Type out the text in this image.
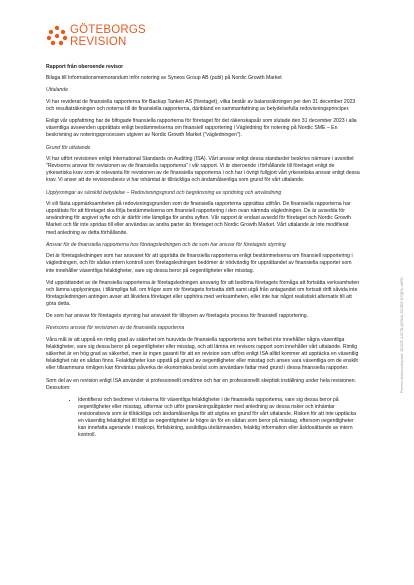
GÖTEBORGS
REVISION

Rapport från oberoende revisor

Bilaga till Informationsmemorandum inför notering av Syneos Group AB (publ) på Nordic Growth Market

Uttalande

Vi har reviderat de finansiella rapporterna för Backup Tanken AS (företaget), vilka består av balansräkningen per den 31 december 2023 och resultaträkningen och noterna till de finansiella rapporterna, däribland en sammanfattning av betydelsefulla redovisningsprinciper.

Enligt vår uppfattning har de bifogade finansiella rapporterna för företaget för det räkenskapsår som slutade den 31 december 2023 i alla väsentliga avseenden upprättats enligt bestämmelserna om finansiell rapportering i Vägledning för notering på Nordic SME – En beskrivning av noteringsprocessen utgiven av Nordic Growth Market ("vägledningen").

Grund för uttalande

Vi har utfört revisionen enligt International Standards on Auditing (ISA). Vårt ansvar enligt dessa standarder beskrivs närmare i avsnittet "Revisorns ansvar för revisionen av de finansiella rapporterna" i vår rapport. Vi är oberoende i förhållande till företaget enligt de yrkesetiska krav som är relevanta för revisionen av de finansiella rapporterna i och har i övrigt fullgjort vårt yrkesetiska ansvar enligt dessa krav. Vi anser att de revisionsbevis vi har inhämtat är tillräckliga och ändamålsenliga som grund för vårt uttalande.

Upplysningar av särskild betydelse – Redovisningsgrund och begränsning av spridning och användning

Vi vill fästa uppmärksamheten på redovisningsgrunden som de finansiella rapporterna upprättas utifrån. De finansiella rapporterna har upprättats för att företaget ska följa bestämmelserna om finansiell rapportering i den ovan nämnda vägledningen. De är avsedda för användning för angivet syfte och är därför inte lämpliga för andra syften. Vår rapport är endast avsedd för företaget och Nordic Growth Market och får inte spridas till eller användas av andra parter än företaget och Nordic Growth Market. Vårt uttalande är inte modifierat med anledning av detta förhållande.

Ansvar för de finansiella rapporterna hos företagsledningen och de som har ansvar för företagets styrning

Det är företagsledningen som har ansvaret för att upprätta de finansiella rapporterna enligt bestämmelserna om finansiell rapportering i vägledningen, och för sådan intern kontroll som företagsledningen bedömer är nödvändig för upprättandet av finansiella rapporter som inte innehåller väsentliga felaktigheter, vare sig dessa beror på oegentligheter eller misstag.

Vid upprättandet av de finansiella rapporterna är företagsledningen ansvarig för att bedöma företagets förmåga att fortsätta verksamheten och lämna upplysningar, i tillämpliga fall, om frågor som rör företagets fortsatta drift samt utgå från antagandet om fortsatt drift såvida inte företagsledningen antingen avser att likvidera företaget eller upphöra med verksamheten, eller inte har något realistiskt alternativ till att göra detta.

De som har ansvar för företagets styrning har ansvaret för tillsynen av företagets process för finansiell rapportering.

Revisorns ansvar för revisionen av de finansiella rapporterna

Våra mål är att uppnå en rimlig grad av säkerhet om huruvida de finansiella rapporterna som helhet inte innehåller några väsentliga felaktigheter, vare sig dessa beror på oegentligheter eller misstag, och att lämna en revisors rapport som innehåller vårt uttalande. Rimlig säkerhet är en hög grad av säkerhet, men är ingen garanti för att en revision som utförs enligt ISA alltid kommer att upptäcka en väsentlig felaktighet när en sådan finns. Felaktigheter kan uppstå på grund av oegentligheter eller misstag och anses vara väsentliga om de enskilt eller tillsammans rimligen kan förväntas påverka de ekonomiska beslut som användare fattar med grund i dessa finansiella rapporter.

Som del av en revision enligt ISA använder vi professionellt omdöme och har en professionellt skeptisk inställning under hela revisionen. Dessutom:

• Identifierar och bedömer vi riskerna för väsentliga felaktigheter i de finansiella rapporterna, vare sig dessa beror på oegentligheter eller misstag, utformar och utför granskningsåtgärder med anledning av dessa risker och inhämtar revisionsbevis som är tillräckliga och ändamålsenliga för att utgöra en grund för vårt uttalande. Risken för att inte upptäcka en väsentlig felaktighet till följd av oegentligheter är högre än för en sådan som beror på misstag, eftersom oegentligheter kan innefatta agerande i maskopi, förfalskning, avsiktliga utelämnanden, felaktig information eller åsidosättande av intern kontroll.
Penneo dokumentnyckel: 3EZOF-1JG7B-Q0SKA-SCGBF-E7QFA-JAPEI
